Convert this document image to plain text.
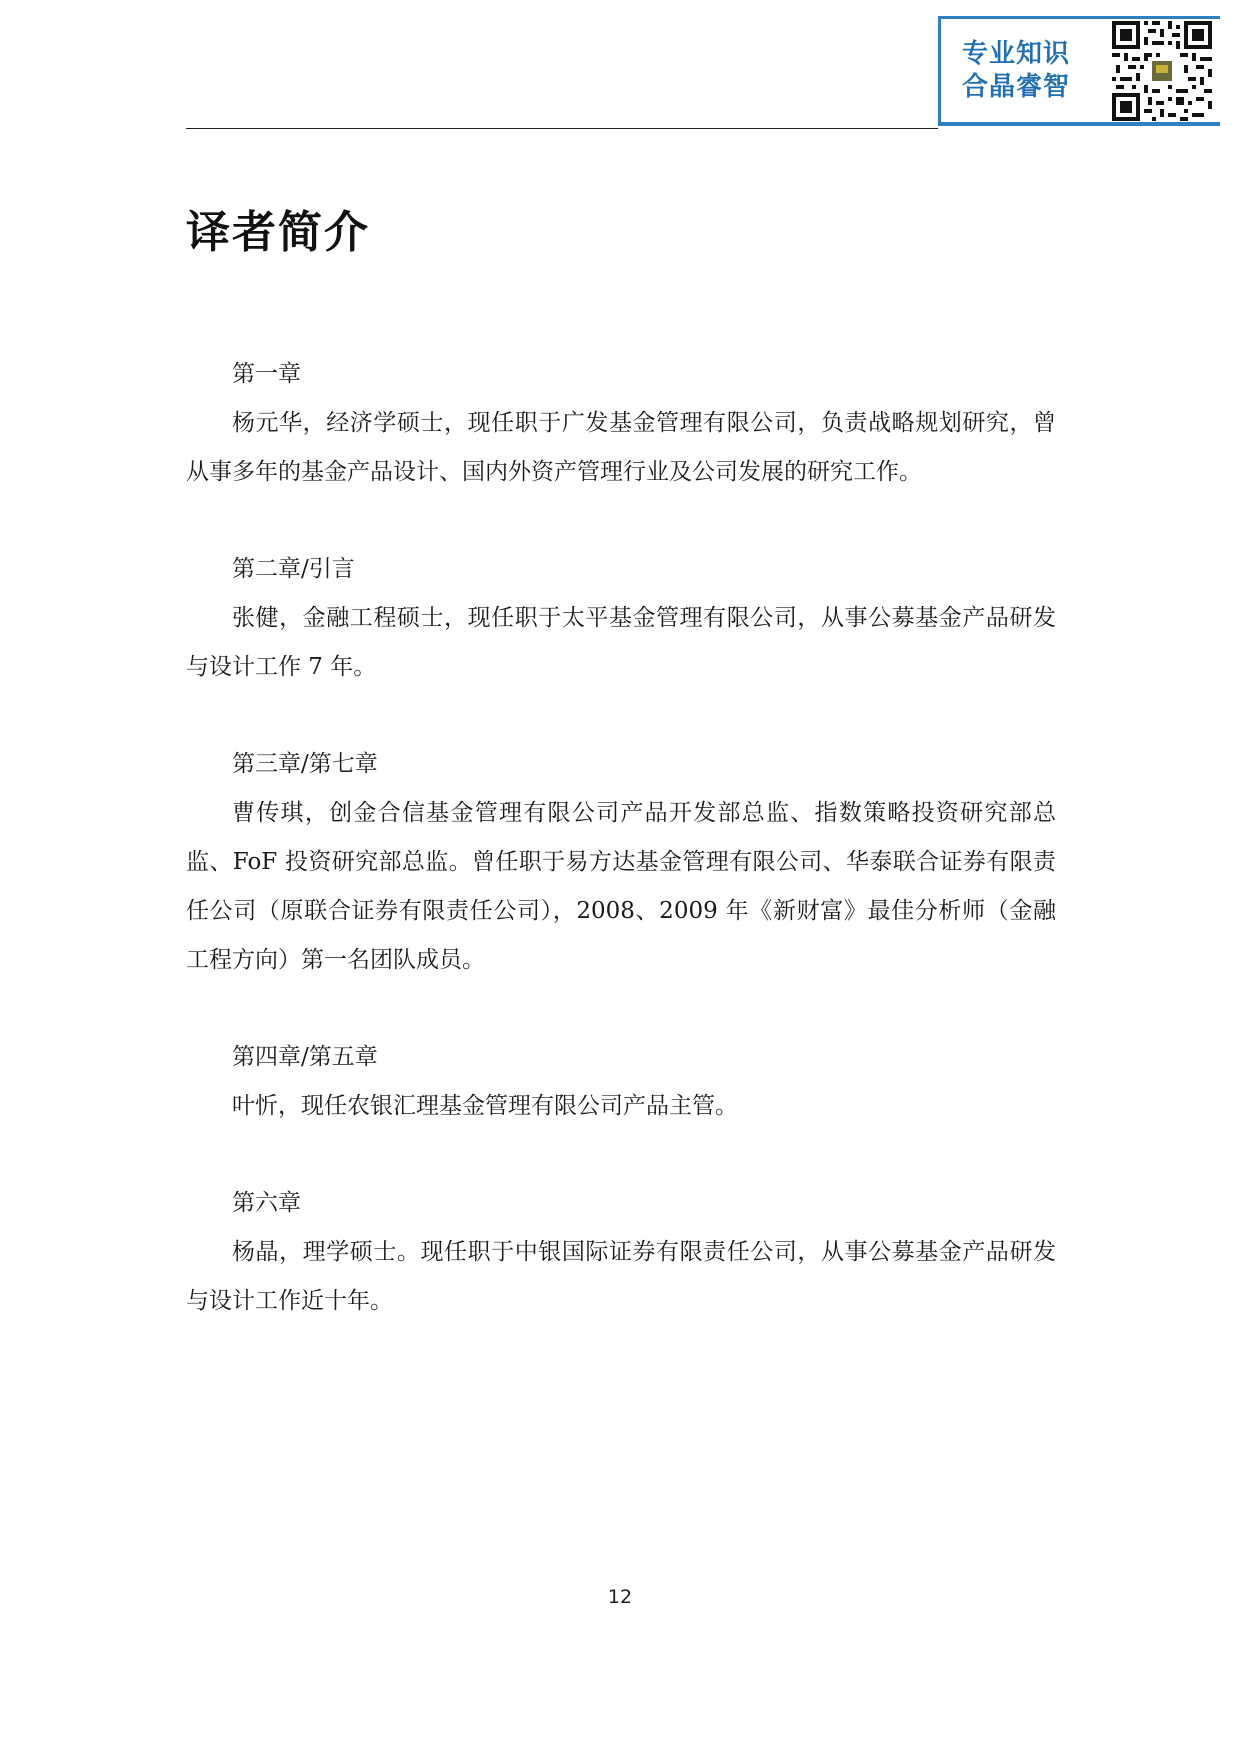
专业知识
合晶睿智
译者简介

第一章

杨元华，经济学硕士，现任职于广发基金管理有限公司，负责战略规划研究，曾从事多年的基金产品设计、国内外资产管理行业及公司发展的研究工作。

第二章/引言

张健，金融工程硕士，现任职于太平基金管理有限公司，从事公募基金产品研发与设计工作 7 年。

第三章/第七章

曹传琪，创金合信基金管理有限公司产品开发部总监、指数策略投资研究部总监、FoF 投资研究部总监。曾任职于易方达基金管理有限公司、华泰联合证券有限责任公司（原联合证券有限责任公司），2008、2009 年《新财富》最佳分析师（金融工程方向）第一名团队成员。

第四章/第五章

叶忻，现任农银汇理基金管理有限公司产品主管。

第六章

杨晶，理学硕士。现任职于中银国际证券有限责任公司，从事公募基金产品研发与设计工作近十年。

12
